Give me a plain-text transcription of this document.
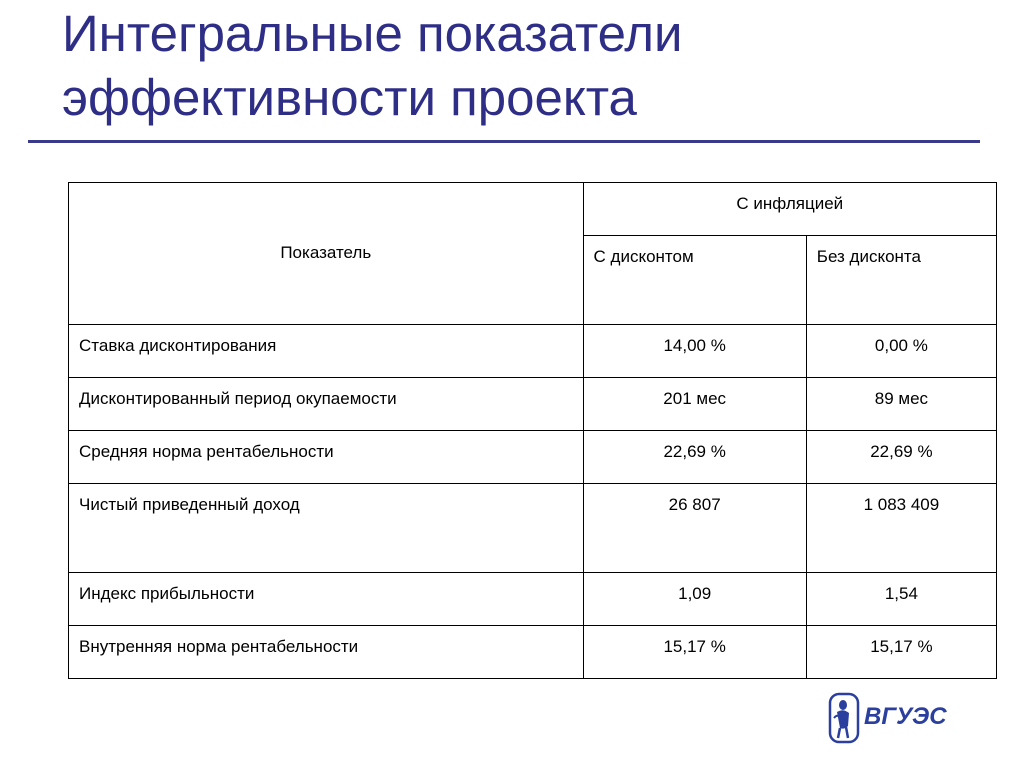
Интегральные показатели
эффективности проекта
Показатель	С инфляцией	

	С дисконтом	Без дисконта

Ставка дисконтирования	14,00 %	0,00 %

Дисконтированный период окупаемости	201 мес	89 мес

Средняя норма рентабельности	22,69 %	22,69 %

Чистый приведенный доход	26 807	1 083 409

Индекс прибыльности	1,09	1,54

Внутренняя норма рентабельности	15,17 %	15,17 %
ВГУЭС
